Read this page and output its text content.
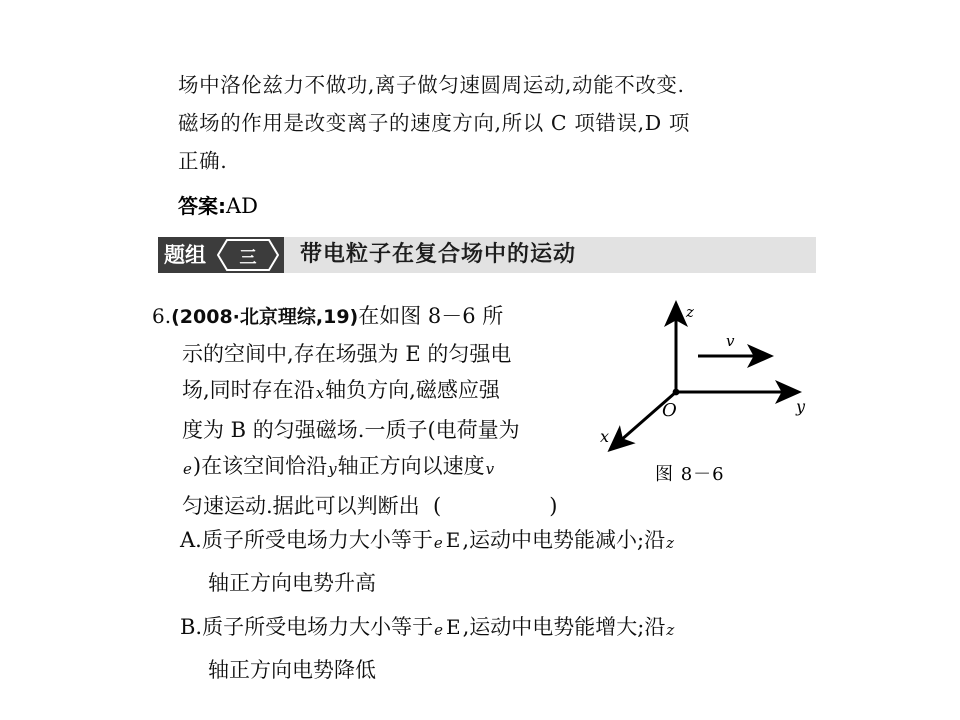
场中洛伦兹力不做功,离子做匀速圆周运动,动能不改变.
磁场的作用是改变离子的速度方向,所以 C 项错误,D 项
正确.
答案:AD
题组	三	带电粒子在复合场中的运动
6.(2008·北京理综,19)在如图 8－6 所
示的空间中,存在场强为 E 的匀强电
场,同时存在沿x轴负方向,磁感应强
度为 B 的匀强磁场.一质子(电荷量为
e)在该空间恰沿y轴正方向以速度v
匀速运动.据此可以判断出 (　　)
A.质子所受电场力大小等于e E,运动中电势能减小;沿z
轴正方向电势升高
B.质子所受电场力大小等于e E,运动中电势能增大;沿z
轴正方向电势降低
z
y
x
O
v
图 8－6
